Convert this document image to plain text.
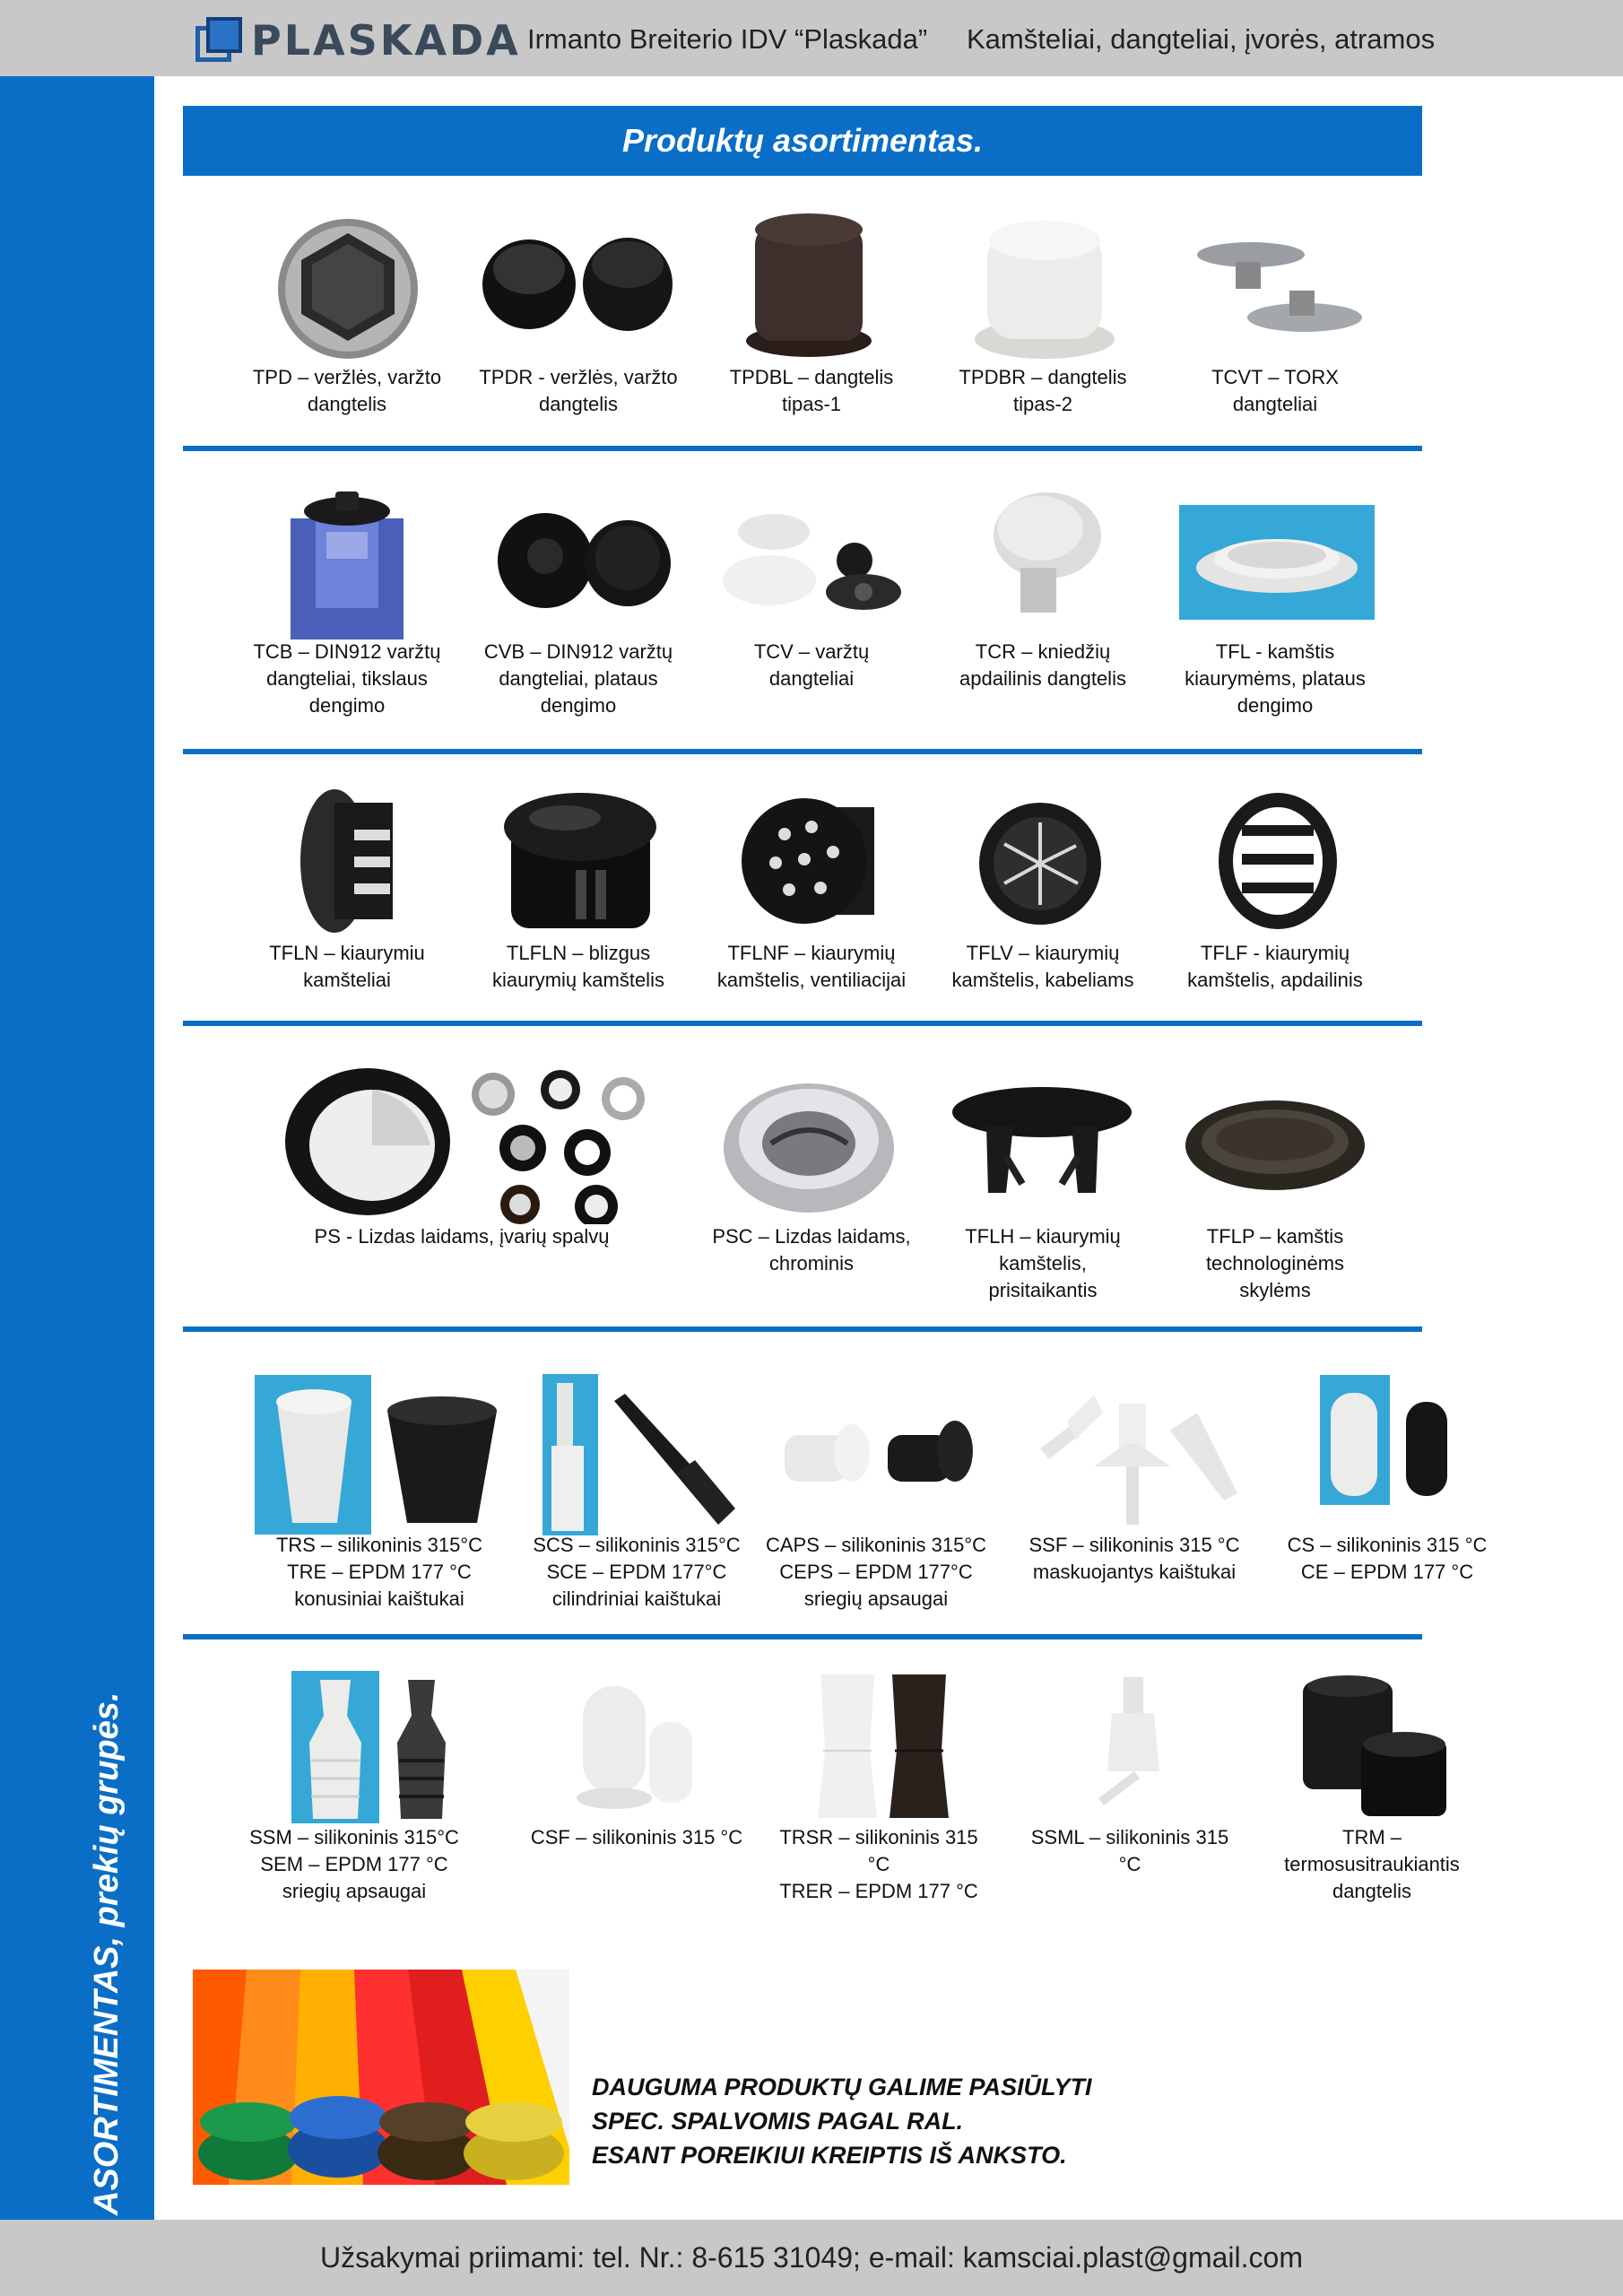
PLASKADA Irmanto Breiterio IDV “Plaskada” Kamšteliai, dangteliai, įvorės, atramos
ASORTIMENTAS, prekių grupės.
Produktų asortimentas.
TPD – veržlės, varžto
dangtelis
TPDR - veržlės, varžto
dangtelis
TPDBL – dangtelis
tipas-1
TPDBR – dangtelis
tipas-2
TCVT – TORX
dangteliai
TCB – DIN912 varžtų
dangteliai, tikslaus
dengimo
CVB – DIN912 varžtų
dangteliai, plataus
dengimo
TCV – varžtų
dangteliai
TCR – kniedžių
apdailinis dangtelis
TFL - kamštis
kiaurymėms, plataus
dengimo
TFLN – kiaurymiu
kamšteliai
TLFLN – blizgus
kiaurymių kamštelis
TFLNF – kiaurymių
kamštelis, ventiliacijai
TFLV – kiaurymių
kamštelis, kabeliams
TFLF - kiaurymių
kamštelis, apdailinis
PS - Lizdas laidams, įvarių spalvų	PSC – Lizdas laidams,
chrominis
TFLH – kiaurymių
kamštelis,
prisitaikantis
TFLP – kamštis
technologinėms
skylėms
TRS – silikoninis 315°C
TRE – EPDM 177 °C
konusiniai kaištukai
SCS – silikoninis 315°C
SCE – EPDM 177°C
cilindriniai kaištukai
CAPS – silikoninis 315°C
CEPS – EPDM 177°C
sriegių apsaugai
SSF – silikoninis 315 °C
maskuojantys kaištukai
CS – silikoninis 315 °C
CE – EPDM 177 °C
SSM – silikoninis 315°C
SEM – EPDM 177 °C
sriegių apsaugai
CSF – silikoninis 315 °C	TRSR – silikoninis 315 °C
TRER – EPDM 177 °C
SSML – silikoninis 315 °C
TRM –
termosusitraukiantis
dangtelis
DAUGUMA PRODUKTŲ GALIME PASIŪLYTI
SPEC. SPALVOMIS PAGAL RAL.
ESANT POREIKIUI KREIPTIS IŠ ANKSTO.
Užsakymai priimami: tel. Nr.: 8-615 31049; e-mail: kamsciai.plast@gmail.com
